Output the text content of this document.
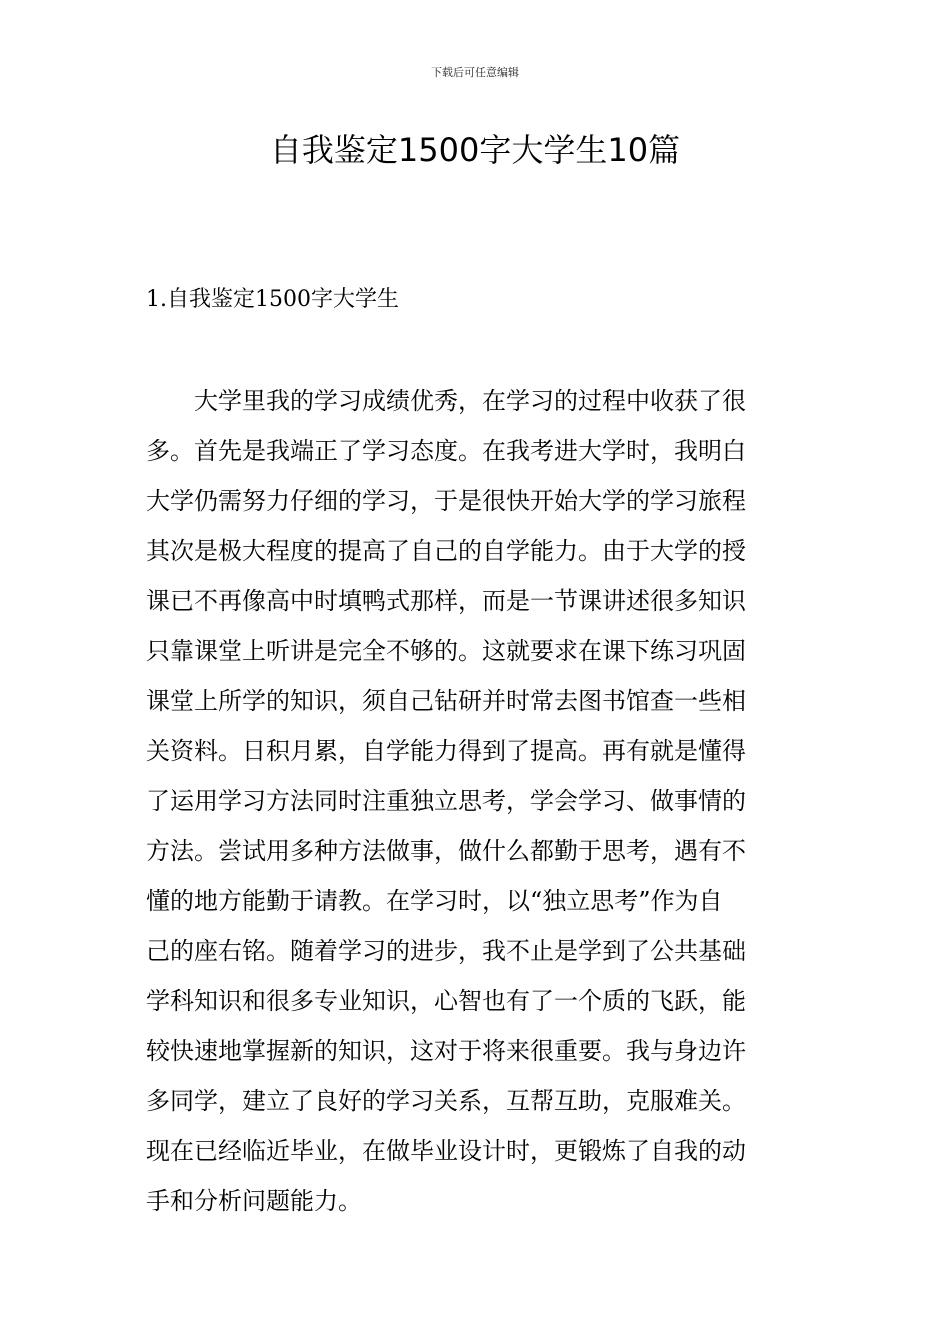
下载后可任意编辑
自我鉴定1500字大学生10篇
1.自我鉴定1500字大学生
　　大学里我的学习成绩优秀，在学习的过程中收获了很
多。首先是我端正了学习态度。在我考进大学时，我明白
大学仍需努力仔细的学习，于是很快开始大学的学习旅程
其次是极大程度的提高了自己的自学能力。由于大学的授
课已不再像高中时填鸭式那样，而是一节课讲述很多知识
只靠课堂上听讲是完全不够的。这就要求在课下练习巩固
课堂上所学的知识，须自己钻研并时常去图书馆查一些相
关资料。日积月累，自学能力得到了提高。再有就是懂得
了运用学习方法同时注重独立思考，学会学习、做事情的
方法。尝试用多种方法做事，做什么都勤于思考，遇有不
懂的地方能勤于请教。在学习时，以“独立思考”作为自
己的座右铭。随着学习的进步，我不止是学到了公共基础
学科知识和很多专业知识，心智也有了一个质的飞跃，能
较快速地掌握新的知识，这对于将来很重要。我与身边许
多同学，建立了良好的学习关系，互帮互助，克服难关。
现在已经临近毕业，在做毕业设计时，更锻炼了自我的动
手和分析问题能力。
